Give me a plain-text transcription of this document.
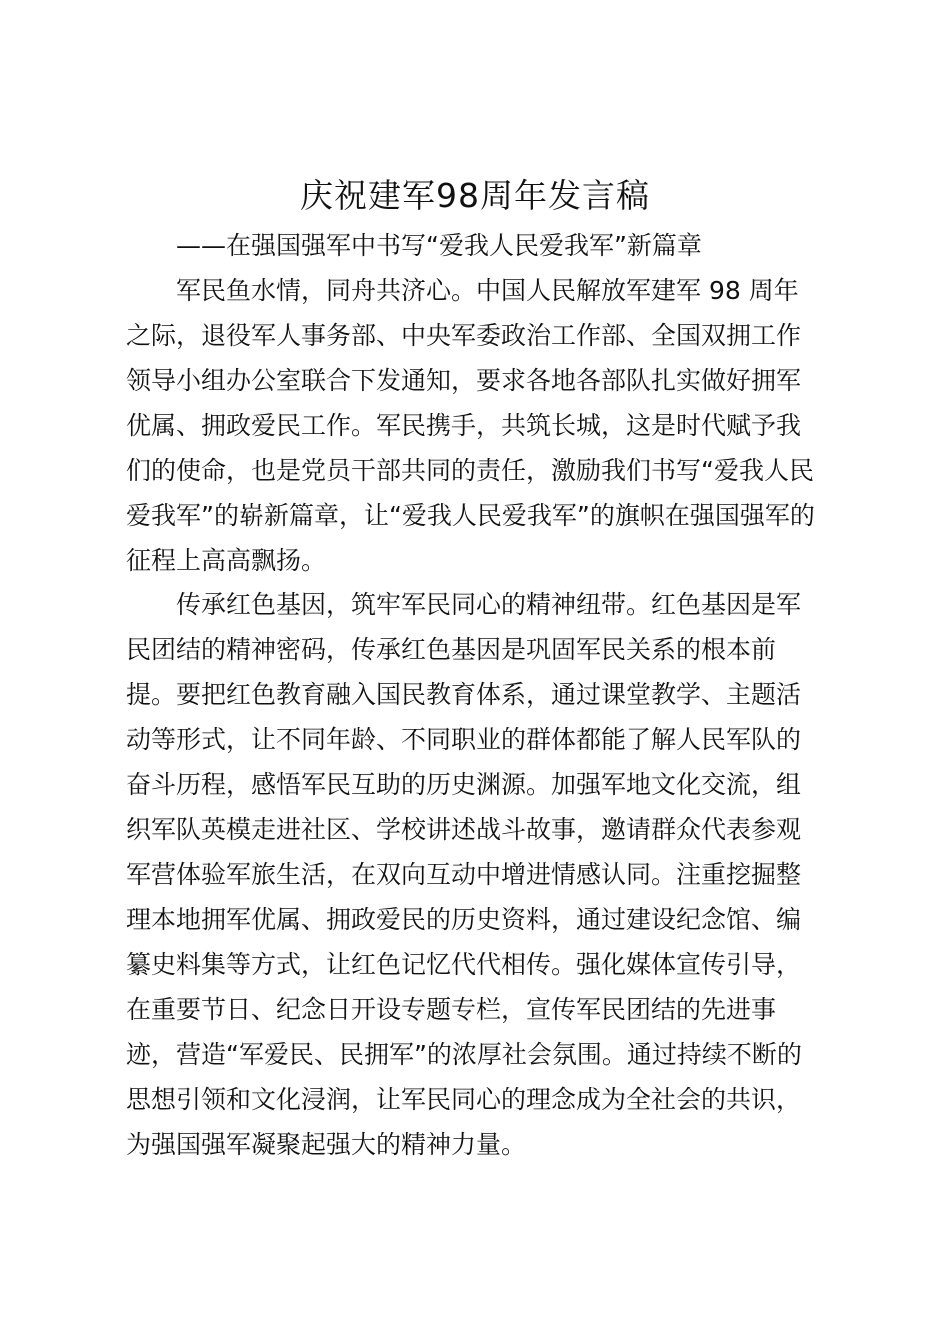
庆祝建军98周年发言稿

——在强国强军中书写“爱我人民爱我军”新篇章

军民鱼水情，同舟共济心。中国人民解放军建军 98 周年
之际，退役军人事务部、中央军委政治工作部、全国双拥工作
领导小组办公室联合下发通知，要求各地各部队扎实做好拥军
优属、拥政爱民工作。军民携手，共筑长城，这是时代赋予我
们的使命，也是党员干部共同的责任，激励我们书写“爱我人民
爱我军”的崭新篇章，让“爱我人民爱我军”的旗帜在强国强军的
征程上高高飘扬。
传承红色基因，筑牢军民同心的精神纽带。红色基因是军
民团结的精神密码，传承红色基因是巩固军民关系的根本前
提。要把红色教育融入国民教育体系，通过课堂教学、主题活
动等形式，让不同年龄、不同职业的群体都能了解人民军队的
奋斗历程，感悟军民互助的历史渊源。加强军地文化交流，组
织军队英模走进社区、学校讲述战斗故事，邀请群众代表参观
军营体验军旅生活，在双向互动中增进情感认同。注重挖掘整
理本地拥军优属、拥政爱民的历史资料，通过建设纪念馆、编
纂史料集等方式，让红色记忆代代相传。强化媒体宣传引导，
在重要节日、纪念日开设专题专栏，宣传军民团结的先进事
迹，营造“军爱民、民拥军”的浓厚社会氛围。通过持续不断的
思想引领和文化浸润，让军民同心的理念成为全社会的共识，
为强国强军凝聚起强大的精神力量。
